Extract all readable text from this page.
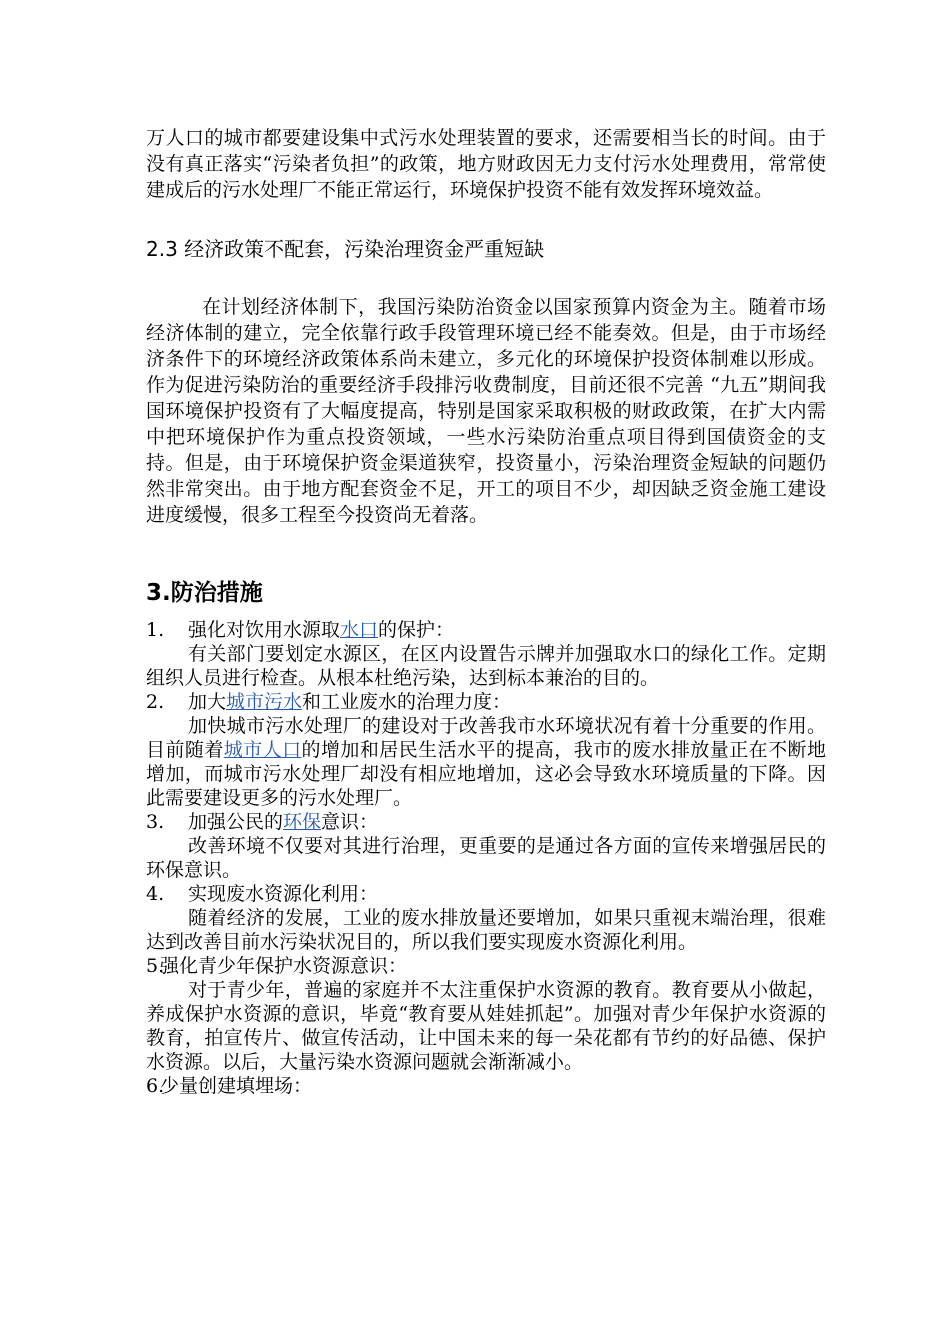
万人口的城市都要建设集中式污水处理装置的要求，还需要相当长的时间。由于没有真正落实“污染者负担”的政策，地方财政因无力支付污水处理费用，常常使建成后的污水处理厂不能正常运行，环境保护投资不能有效发挥环境效益。

2.3 经济政策不配套，污染治理资金严重短缺

在计划经济体制下，我国污染防治资金以国家预算内资金为主。随着市场经济体制的建立，完全依靠行政手段管理环境已经不能奏效。但是，由于市场经济条件下的环境经济政策体系尚未建立，多元化的环境保护投资体制难以形成。作为促进污染防治的重要经济手段排污收费制度，目前还很不完善 “九五”期间我国环境保护投资有了大幅度提高，特别是国家采取积极的财政政策，在扩大内需中把环境保护作为重点投资领域，一些水污染防治重点项目得到国债资金的支持。但是，由于环境保护资金渠道狭窄，投资量小，污染治理资金短缺的问题仍然非常突出。由于地方配套资金不足，开工的项目不少，却因缺乏资金施工建设进度缓慢，很多工程至今投资尚无着落。

3.防治措施

1. 强化对饮用水源取水口的保护：

有关部门要划定水源区，在区内设置告示牌并加强取水口的绿化工作。定期组织人员进行检查。从根本杜绝污染，达到标本兼治的目的。

2. 加大城市污水和工业废水的治理力度：

加快城市污水处理厂的建设对于改善我市水环境状况有着十分重要的作用。目前随着城市人口的增加和居民生活水平的提高，我市的废水排放量正在不断地增加，而城市污水处理厂却没有相应地增加，这必会导致水环境质量的下降。因此需要建设更多的污水处理厂。

3. 加强公民的环保意识：

改善环境不仅要对其进行治理，更重要的是通过各方面的宣传来增强居民的环保意识。

4. 实现废水资源化利用：

随着经济的发展，工业的废水排放量还要增加，如果只重视末端治理，很难达到改善目前水污染状况目的，所以我们要实现废水资源化利用。

5.强化青少年保护水资源意识：

对于青少年，普遍的家庭并不太注重保护水资源的教育。教育要从小做起，养成保护水资源的意识，毕竟“教育要从娃娃抓起”。加强对青少年保护水资源的教育，拍宣传片、做宣传活动，让中国未来的每一朵花都有节约的好品德、保护水资源。以后，大量污染水资源问题就会渐渐减小。

6.少量创建填埋场：
